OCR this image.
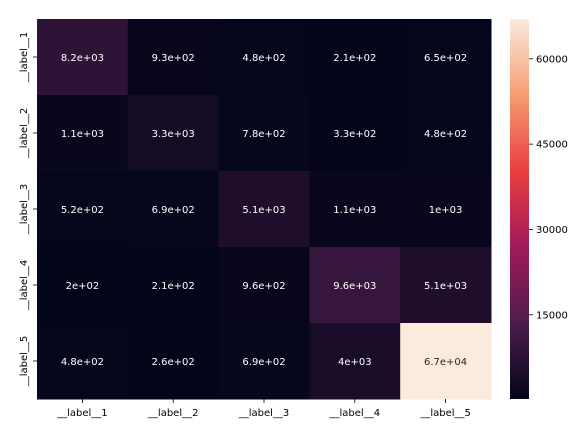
8.2e+03	9.3e+02	4.8e+02	2.1e+02	6.5e+02
1.1e+03	3.3e+03	7.8e+02	3.3e+02	4.8e+02
5.2e+02	6.9e+02	5.1e+03	1.1e+03	1e+03
2e+02	2.1e+02	9.6e+02	9.6e+03	5.1e+03
4.8e+02	2.6e+02	6.9e+02	4e+03	6.7e+04
__label__1	__label__2	__label__3	__label__4	__label__5
__label__1
__label__2
__label__3
__label__4
__label__5
15000
30000
45000
60000
